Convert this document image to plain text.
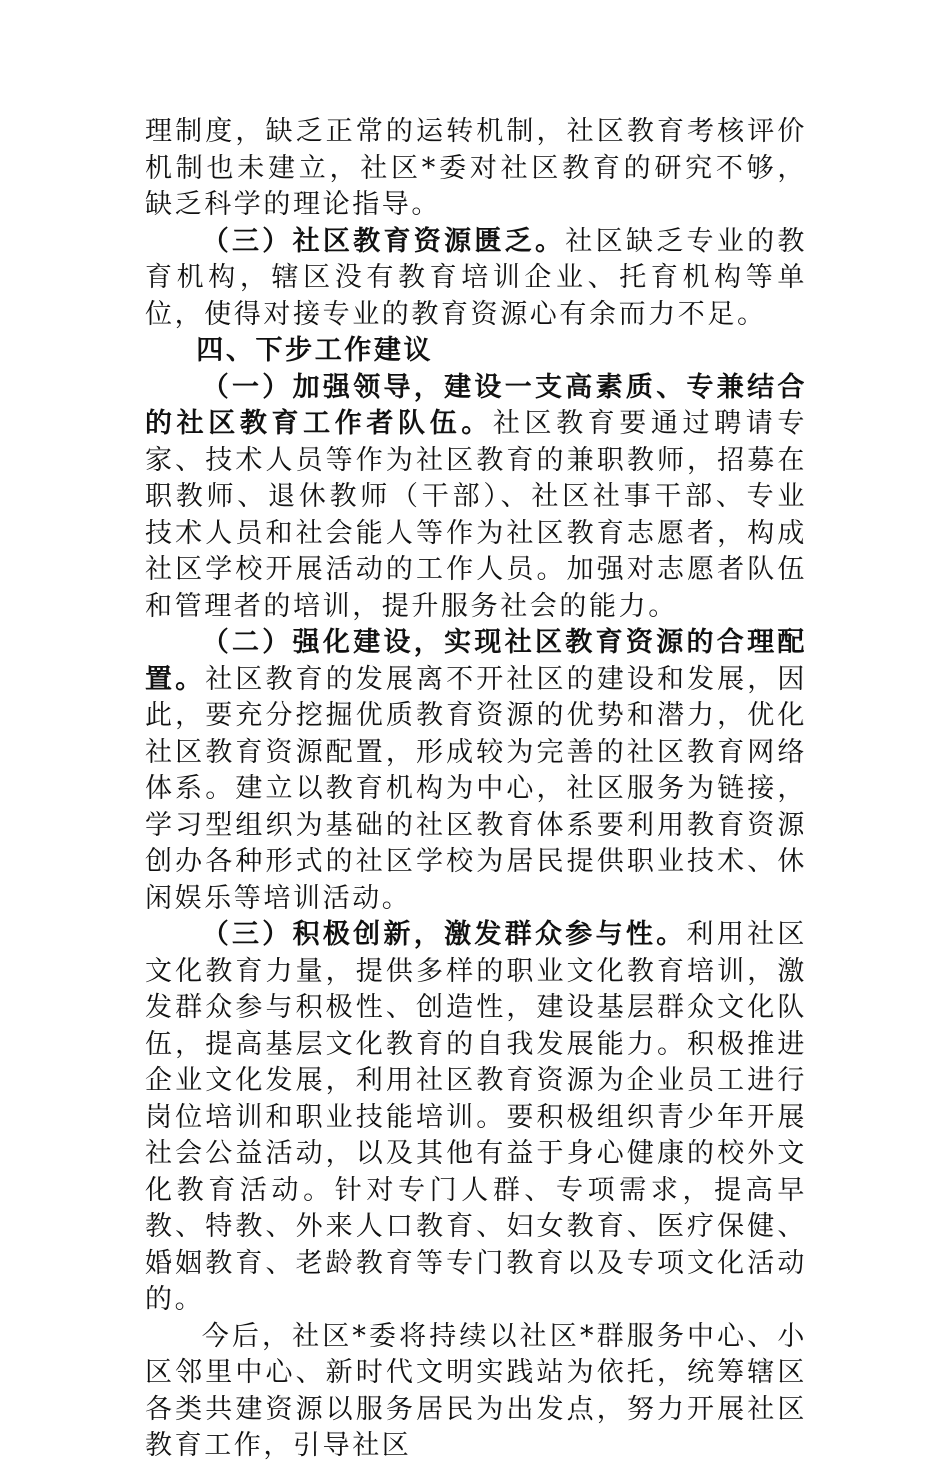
理制度，缺乏正常的运转机制，社区教育考核评价机制也未建立，社区*委对社区教育的研究不够，缺乏科学的理论指导。

（三）社区教育资源匮乏。社区缺乏专业的教育机构，辖区没有教育培训企业、托育机构等单位，使得对接专业的教育资源心有余而力不足。

四、下步工作建议

（一）加强领导，建设一支高素质、专兼结合的社区教育工作者队伍。社区教育要通过聘请专家、技术人员等作为社区教育的兼职教师，招募在职教师、退休教师（干部）、社区社事干部、专业技术人员和社会能人等作为社区教育志愿者，构成社区学校开展活动的工作人员。加强对志愿者队伍和管理者的培训，提升服务社会的能力。

（二）强化建设，实现社区教育资源的合理配置。社区教育的发展离不开社区的建设和发展，因此，要充分挖掘优质教育资源的优势和潜力，优化社区教育资源配置，形成较为完善的社区教育网络体系。建立以教育机构为中心，社区服务为链接，学习型组织为基础的社区教育体系要利用教育资源创办各种形式的社区学校为居民提供职业技术、休闲娱乐等培训活动。

（三）积极创新，激发群众参与性。利用社区文化教育力量，提供多样的职业文化教育培训，激发群众参与积极性、创造性，建设基层群众文化队伍，提高基层文化教育的自我发展能力。积极推进企业文化发展，利用社区教育资源为企业员工进行岗位培训和职业技能培训。要积极组织青少年开展社会公益活动，以及其他有益于身心健康的校外文化教育活动。针对专门人群、专项需求，提高早教、特教、外来人口教育、妇女教育、医疗保健、婚姻教育、老龄教育等专门教育以及专项文化活动的。

今后，社区*委将持续以社区*群服务中心、小区邻里中心、新时代文明实践站为依托，统筹辖区各类共建资源以服务居民为出发点，努力开展社区教育工作，引导社区
